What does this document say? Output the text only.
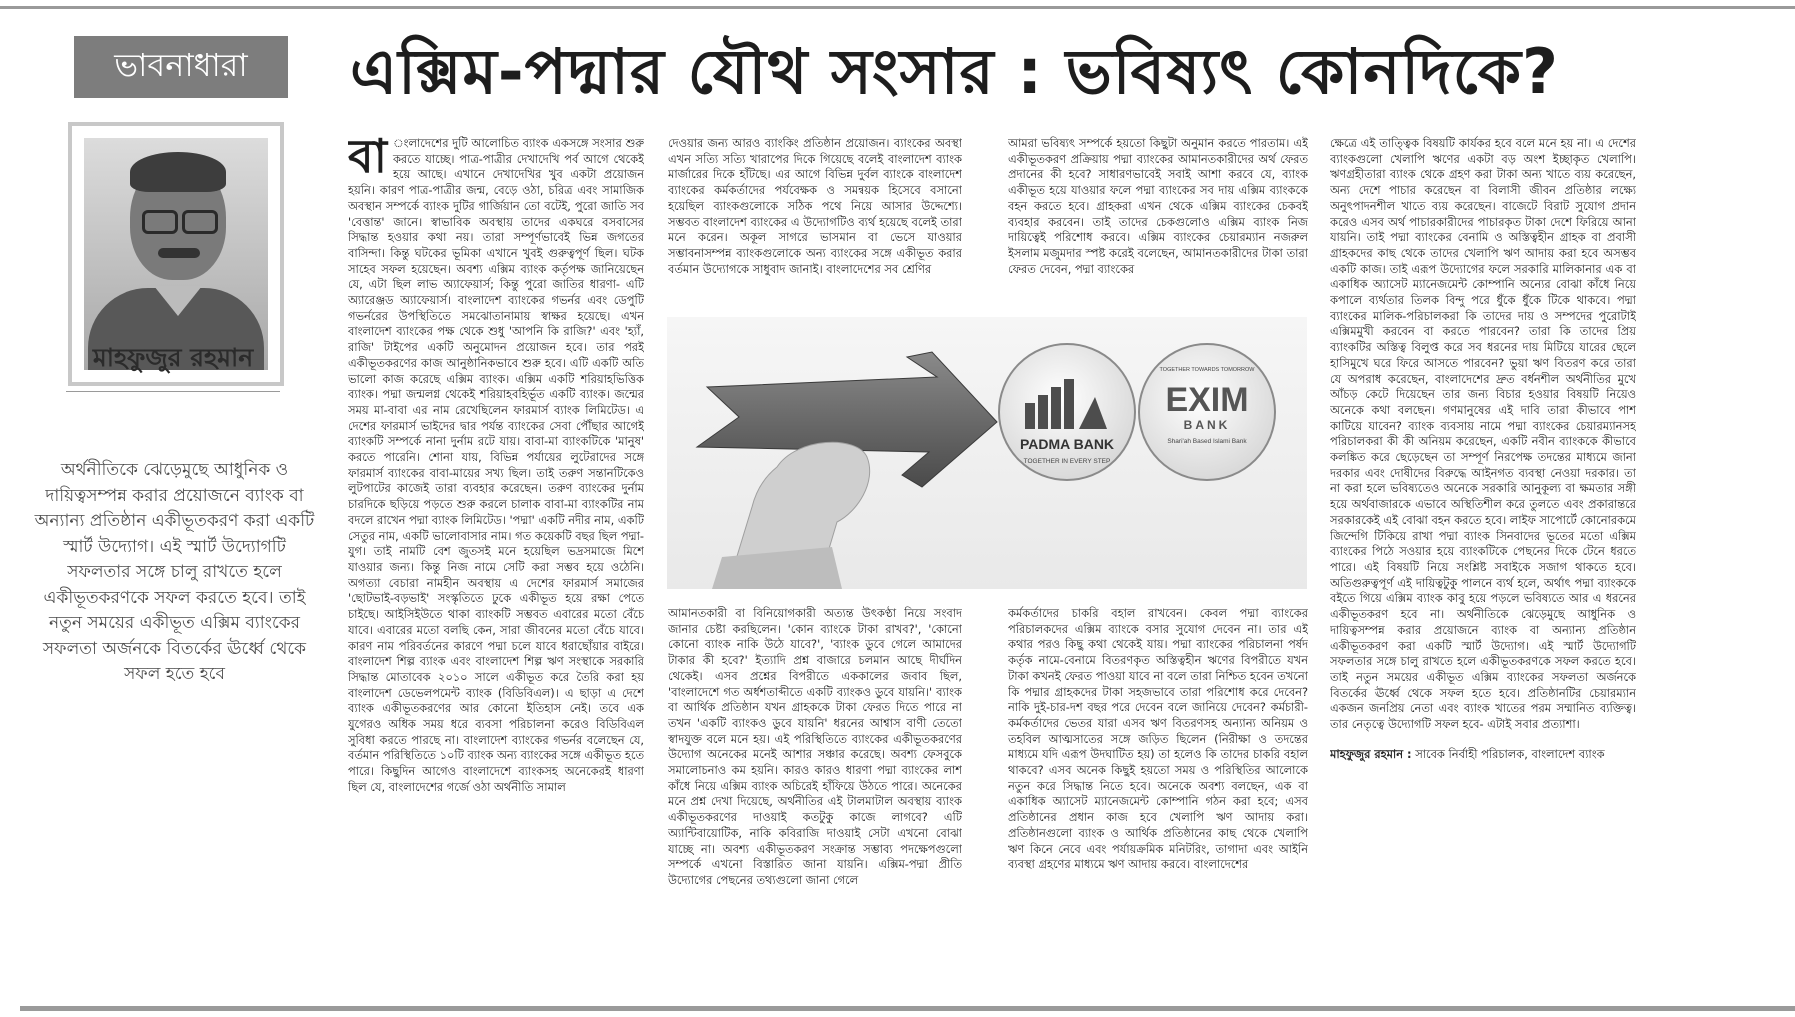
ভাবনাধারা	এক্সিম-পদ্মার যৌথ সংসার : ভবিষ্যৎ কোনদিকে?
মাহফুজুর রহমান
অর্থনীতিকে ঝেড়েমুছে আধুনিক ও দায়িত্বসম্পন্ন করার প্রয়োজনে ব্যাংক বা অন্যান্য প্রতিষ্ঠান একীভূতকরণ করা একটি স্মার্ট উদ্যোগ। এই স্মার্ট উদ্যোগটি সফলতার সঙ্গে চালু রাখতে হলে একীভূতকরণকে সফল করতে হবে। তাই নতুন সময়ের একীভূত এক্সিম ব্যাংকের সফলতা অর্জনকে বিতর্কের ঊর্ধ্বে থেকে সফল হতে হবে
বা ংলাদেশের দুটি আলোচিত ব্যাংক একসঙ্গে সংসার শুরু করতে যাচ্ছে। পাত্র-পাত্রীর দেখাদেখি পর্ব আগে থেকেই হয়ে আছে। এখানে দেখাদেখির খুব একটা প্রয়োজন হয়নি। কারণ পাত্র-পাত্রীর জন্ম, বেড়ে ওঠা, চরিত্র এবং সামাজিক অবস্থান সম্পর্কে ব্যাংক দুটির গার্জিয়ান তো বটেই, পুরো জাতি সব 'বেত্তান্ত' জানে। স্বাভাবিক অবস্থায় তাদের একঘরে বসবাসের সিদ্ধান্ত হওয়ার কথা নয়। তারা সম্পূর্ণভাবেই ভিন্ন জগতের বাসিন্দা। কিন্তু ঘটকের ভূমিকা এখানে খুবই গুরুত্বপূর্ণ ছিল। ঘটক সাহেব সফল হয়েছেন। অবশ্য এক্সিম ব্যাংক কর্তৃপক্ষ জানিয়েছেন যে, এটা ছিল লাভ অ্যাফেয়ার্স; কিন্তু পুরো জাতির ধারণা- এটি অ্যারেঞ্জড অ্যাফেয়ার্স। বাংলাদেশ ব্যাংকের গভর্নর এবং ডেপুটি গভর্নরের উপস্থিতিতে সমঝোতানামায় স্বাক্ষর হয়েছে। এখন বাংলাদেশ ব্যাংকের পক্ষ থেকে শুধু 'আপনি কি রাজি?' এবং 'হ্যাঁ, রাজি' টাইপের একটি অনুমোদন প্রয়োজন হবে। তার পরই একীভূতকরণের কাজ আনুষ্ঠানিকভাবে শুরু হবে। এটি একটি অতি ভালো কাজ করেছে এক্সিম ব্যাংক। এক্সিম একটি শরিয়াহভিত্তিক ব্যাংক। পদ্মা জন্মলগ্ন থেকেই শরিয়াহবহির্ভূত একটি ব্যাংক। জন্মের সময় মা-বাবা এর নাম রেখেছিলেন ফারমার্স ব্যাংক লিমিটেড। এ দেশের ফারমার্স ভাইদের দ্বার পর্যন্ত ব্যাংকের সেবা পৌঁছার আগেই ব্যাংকটি সম্পর্কে নানা দুর্নাম রটে যায়। বাবা-মা ব্যাংকটিকে 'মানুষ' করতে পারেনি। শোনা যায়, বিভিন্ন পর্যায়ের লুটেরাদের সঙ্গে ফারমার্স ব্যাংকের বাবা-মায়ের সখ্য ছিল। তাই তরুণ সন্তানটিকেও লুটপাটের কাজেই তারা ব্যবহার করেছেন। তরুণ ব্যাংকের দুর্নাম চারদিকে ছড়িয়ে পড়তে শুরু করলে চালাক বাবা-মা ব্যাংকটির নাম বদলে রাখেন পদ্মা ব্যাংক লিমিটেড। 'পদ্মা' একটি নদীর নাম, একটি সেতুর নাম, একটি ভালোবাসার নাম। গত কয়েকটি বছর ছিল পদ্মা-যুগ। তাই নামটি বেশ জুতসই মনে হয়েছিল ভদ্রসমাজে মিশে যাওয়ার জন্য। কিন্তু নিজ নামে সেটি করা সম্ভব হয়ে ওঠেনি। অগত্যা বেচারা নামহীন অবস্থায় এ দেশের ফারমার্স সমাজের 'ছোটভাই-বড়ভাই' সংস্কৃতিতে ঢুকে একীভূত হয়ে রক্ষা পেতে চাইছে। আইসিইউতে থাকা ব্যাংকটি সম্ভবত এবারের মতো বেঁচে যাবে। এবারের মতো বলছি কেন, সারা জীবনের মতো বেঁচে যাবে। কারণ নাম পরিবর্তনের কারণে পদ্মা চলে যাবে ধরাছোঁয়ার বাইরে। বাংলাদেশ শিল্প ব্যাংক এবং বাংলাদেশ শিল্প ঋণ সংস্থাকে সরকারি সিদ্ধান্ত মোতাবেক ২০১০ সালে একীভূত করে তৈরি করা হয় বাংলাদেশ ডেভেলপমেন্ট ব্যাংক (বিডিবিএল)। এ ছাড়া এ দেশে ব্যাংক একীভূতকরণের আর কোনো ইতিহাস নেই। তবে এক যুগেরও অধিক সময় ধরে ব্যবসা পরিচালনা করেও বিডিবিএল সুবিধা করতে পারছে না। বাংলাদেশ ব্যাংকের গভর্নর বলেছেন যে, বর্তমান পরিস্থিতিতে ১০টি ব্যাংক অন্য ব্যাংকের সঙ্গে একীভূত হতে পারে। কিছুদিন আগেও বাংলাদেশে ব্যাংকসহ অনেকেরই ধারণা ছিল যে, বাংলাদেশের গর্জে ওঠা অর্থনীতি সামাল

দেওয়ার জন্য আরও ব্যাংকিং প্রতিষ্ঠান প্রয়োজন। ব্যাংকের অবস্থা এখন সত্যি সত্যি খারাপের দিকে গিয়েছে বলেই বাংলাদেশ ব্যাংক মার্জারের দিকে হাঁটছে। এর আগে বিভিন্ন দুর্বল ব্যাংকে বাংলাদেশ ব্যাংকের কর্মকর্তাদের পর্যবেক্ষক ও সমন্বয়ক হিসেবে বসানো হয়েছিল ব্যাংকগুলোকে সঠিক পথে নিয়ে আসার উদ্দেশ্যে। সম্ভবত বাংলাদেশ ব্যাংকের এ উদ্যোগটিও ব্যর্থ হয়েছে বলেই তারা মনে করেন। অকূল সাগরে ভাসমান বা ভেসে যাওয়ার সম্ভাবনাসম্পন্ন ব্যাংকগুলোকে অন্য ব্যাংকের সঙ্গে একীভূত করার বর্তমান উদ্যোগকে সাধুবাদ জানাই। বাংলাদেশের সব শ্রেণির

আমরা ভবিষ্যৎ সম্পর্কে হয়তো কিছুটা অনুমান করতে পারতাম। এই একীভূতকরণ প্রক্রিয়ায় পদ্মা ব্যাংকের আমানতকারীদের অর্থ ফেরত প্রদানের কী হবে? সাধারণভাবেই সবাই আশা করবে যে, ব্যাংক একীভূত হয়ে যাওয়ার ফলে পদ্মা ব্যাংকের সব দায় এক্সিম ব্যাংককে বহন করতে হবে। গ্রাহকরা এখন থেকে এক্সিম ব্যাংকের চেকবই ব্যবহার করবেন। তাই তাদের চেকগুলোও এক্সিম ব্যাংক নিজ দায়িত্বেই পরিশোধ করবে। এক্সিম ব্যাংকের চেয়ারম্যান নজরুল ইসলাম মজুমদার স্পষ্ট করেই বলেছেন, আমানতকারীদের টাকা তারা ফেরত দেবেন, পদ্মা ব্যাংকের

PADMA BANK
TOGETHER IN EVERY STEP
TOGETHER TOWARDS TOMORROW
EXIM
BANK
Shari'ah Based Islami Bank

আমানতকারী বা বিনিয়োগকারী অত্যন্ত উৎকণ্ঠা নিয়ে সংবাদ জানার চেষ্টা করছিলেন। 'কোন ব্যাংকে টাকা রাখব?', 'কোনো কোনো ব্যাংক নাকি উঠে যাবে?', 'ব্যাংক ডুবে গেলে আমাদের টাকার কী হবে?' ইত্যাদি প্রশ্ন বাজারে চলমান আছে দীর্ঘদিন থেকেই। এসব প্রশ্নের বিপরীতে এককালের জবাব ছিল, 'বাংলাদেশে গত অর্ধশতাব্দীতে একটি ব্যাংকও ডুবে যায়নি।' ব্যাংক বা আর্থিক প্রতিষ্ঠান যখন গ্রাহককে টাকা ফেরত দিতে পারে না তখন 'একটি ব্যাংকও ডুবে যায়নি' ধরনের আশ্বাস বাণী তেতো স্বাদযুক্ত বলে মনে হয়। এই পরিস্থিতিতে ব্যাংকের একীভূতকরণের উদ্যোগ অনেকের মনেই আশার সঞ্চার করেছে। অবশ্য ফেসবুকে সমালোচনাও কম হয়নি। কারও কারও ধারণা পদ্মা ব্যাংকের লাশ কাঁধে নিয়ে এক্সিম ব্যাংক অচিরেই হাঁফিয়ে উঠতে পারে। অনেকের মনে প্রশ্ন দেখা দিয়েছে, অর্থনীতির এই টালমাটাল অবস্থায় ব্যাংক একীভূতকরণের দাওয়াই কতটুকু কাজে লাগবে? এটি অ্যান্টিবায়োটিক, নাকি কবিরাজি দাওয়াই সেটা এখনো বোঝা যাচ্ছে না। অবশ্য একীভূতকরণ সংক্রান্ত সম্ভাব্য পদক্ষেপগুলো সম্পর্কে এখনো বিস্তারিত জানা যায়নি। এক্সিম-পদ্মা প্রীতি উদ্যোগের পেছনের তথ্যগুলো জানা গেলে

কর্মকর্তাদের চাকরি বহাল রাখবেন। কেবল পদ্মা ব্যাংকের পরিচালকদের এক্সিম ব্যাংকে বসার সুযোগ দেবেন না। তার এই কথার পরও কিছু কথা থেকেই যায়। পদ্মা ব্যাংকের পরিচালনা পর্ষদ কর্তৃক নামে-বেনামে বিতরণকৃত অস্তিত্বহীন ঋণের বিপরীতে যখন টাকা কখনই ফেরত পাওয়া যাবে না বলে তারা নিশ্চিত হবেন তখনো কি পদ্মার গ্রাহকদের টাকা সহজভাবে তারা পরিশোধ করে দেবেন? নাকি দুই-চার-দশ বছর পরে দেবেন বলে জানিয়ে দেবেন? কর্মচারী-কর্মকর্তাদের ভেতর যারা এসব ঋণ বিতরণসহ অন্যান্য অনিয়ম ও তহবিল আত্মসাতের সঙ্গে জড়িত ছিলেন (নিরীক্ষা ও তদন্তের মাধ্যমে যদি এরূপ উদঘাটিত হয়) তা হলেও কি তাদের চাকরি বহাল থাকবে? এসব অনেক কিছুই হয়তো সময় ও পরিস্থিতির আলোকে নতুন করে সিদ্ধান্ত নিতে হবে। অনেকে অবশ্য বলছেন, এক বা একাধিক অ্যাসেট ম্যানেজমেন্ট কোম্পানি গঠন করা হবে; এসব প্রতিষ্ঠানের প্রধান কাজ হবে খেলাপি ঋণ আদায় করা। প্রতিষ্ঠানগুলো ব্যাংক ও আর্থিক প্রতিষ্ঠানের কাছ থেকে খেলাপি ঋণ কিনে নেবে এবং পর্যায়ক্রমিক মনিটরিং, তাগাদা এবং আইনি ব্যবস্থা গ্রহণের মাধ্যমে ঋণ আদায় করবে। বাংলাদেশের

ক্ষেত্রে এই তাত্ত্বিক বিষয়টি কার্যকর হবে বলে মনে হয় না। এ দেশের ব্যাংকগুলো খেলাপি ঋণের একটা বড় অংশ ইচ্ছাকৃত খেলাপি। ঋণগ্রহীতারা ব্যাংক থেকে গ্রহণ করা টাকা অন্য খাতে ব্যয় করেছেন, অন্য দেশে পাচার করেছেন বা বিলাসী জীবন প্রতিষ্ঠার লক্ষ্যে অনুৎপাদনশীল খাতে ব্যয় করেছেন। বাজেটে বিরাট সুযোগ প্রদান করেও এসব অর্থ পাচারকারীদের পাচারকৃত টাকা দেশে ফিরিয়ে আনা যায়নি। তাই পদ্মা ব্যাংকের বেনামি ও অস্তিত্বহীন গ্রাহক বা প্রবাসী গ্রাহকদের কাছ থেকে তাদের খেলাপি ঋণ আদায় করা হবে অসম্ভব একটি কাজ। তাই এরূপ উদ্যোগের ফলে সরকারি মালিকানার এক বা একাধিক অ্যাসেট ম্যানেজমেন্ট কোম্পানি অন্যের বোঝা কাঁধে নিয়ে কপালে ব্যর্থতার তিলক বিন্দু পরে ধুঁকে ধুঁকে টিকে থাকবে। পদ্মা ব্যাংকের মালিক-পরিচালকরা কি তাদের দায় ও সম্পদের পুরোটাই এক্সিমমুখী করবেন বা করতে পারবেন? তারা কি তাদের প্রিয় ব্যাংকটির অস্তিত্ব বিলুপ্ত করে সব ধরনের দায় মিটিয়ে যারের ছেলে হাসিমুখে ঘরে ফিরে আসতে পারবেন? ভুয়া ঋণ বিতরণ করে তারা যে অপরাধ করেছেন, বাংলাদেশের দ্রুত বর্ধনশীল অর্থনীতির মুখে আঁচড় কেটে দিয়েছেন তার জন্য বিচার হওয়ার বিষয়টি নিয়েও অনেকে কথা বলছেন। গণমানুষের এই দাবি তারা কীভাবে পাশ কাটিয়ে যাবেন? ব্যাংক ব্যবসায় নামে পদ্মা ব্যাংকের চেয়ারম্যানসহ পরিচালকরা কী কী অনিয়ম করেছেন, একটি নবীন ব্যাংককে কীভাবে কলঙ্কিত করে ছেড়েছেন তা সম্পূর্ণ নিরপেক্ষ তদন্তের মাধ্যমে জানা দরকার এবং দোষীদের বিরুদ্ধে আইনগত ব্যবস্থা নেওয়া দরকার। তা না করা হলে ভবিষ্যতেও অনেকে সরকারি আনুকূল্য বা ক্ষমতার সঙ্গী হয়ে অর্থবাজারকে এভাবে অস্থিতিশীল করে তুলতে এবং প্রকারান্তরে সরকারকেই এই বোঝা বহন করতে হবে। লাইফ সাপোর্টে কোনোরকমে জিন্দেগি টিকিয়ে রাখা পদ্মা ব্যাংক সিনবাদের ভূতের মতো এক্সিম ব্যাংকের পিঠে সওয়ার হয়ে ব্যাংকটিকে পেছনের দিকে টেনে ধরতে পারে। এই বিষয়টি নিয়ে সংশ্লিষ্ট সবাইকে সজাগ থাকতে হবে। অতিগুরুত্বপূর্ণ এই দায়িত্বটুকু পালনে ব্যর্থ হলে, অর্থাৎ পদ্মা ব্যাংককে বইতে গিয়ে এক্সিম ব্যাংক কাবু হয়ে পড়লে ভবিষ্যতে আর এ ধরনের একীভূতকরণ হবে না। অর্থনীতিকে ঝেড়েমুছে আধুনিক ও দায়িত্বসম্পন্ন করার প্রয়োজনে ব্যাংক বা অন্যান্য প্রতিষ্ঠান একীভূতকরণ করা একটি স্মার্ট উদ্যোগ। এই স্মার্ট উদ্যোগটি সফলতার সঙ্গে চালু রাখতে হলে একীভূতকরণকে সফল করতে হবে। তাই নতুন সময়ের একীভূত এক্সিম ব্যাংকের সফলতা অর্জনকে বিতর্কের ঊর্ধ্বে থেকে সফল হতে হবে। প্রতিষ্ঠানটির চেয়ারম্যান একজন জনপ্রিয় নেতা এবং ব্যাংক খাতের পরম সম্মানিত ব্যক্তিত্ব। তার নেতৃত্বে উদ্যোগটি সফল হবে- এটাই সবার প্রত্যাশা।

মাহফুজুর রহমান : সাবেক নির্বাহী পরিচালক, বাংলাদেশ ব্যাংক
